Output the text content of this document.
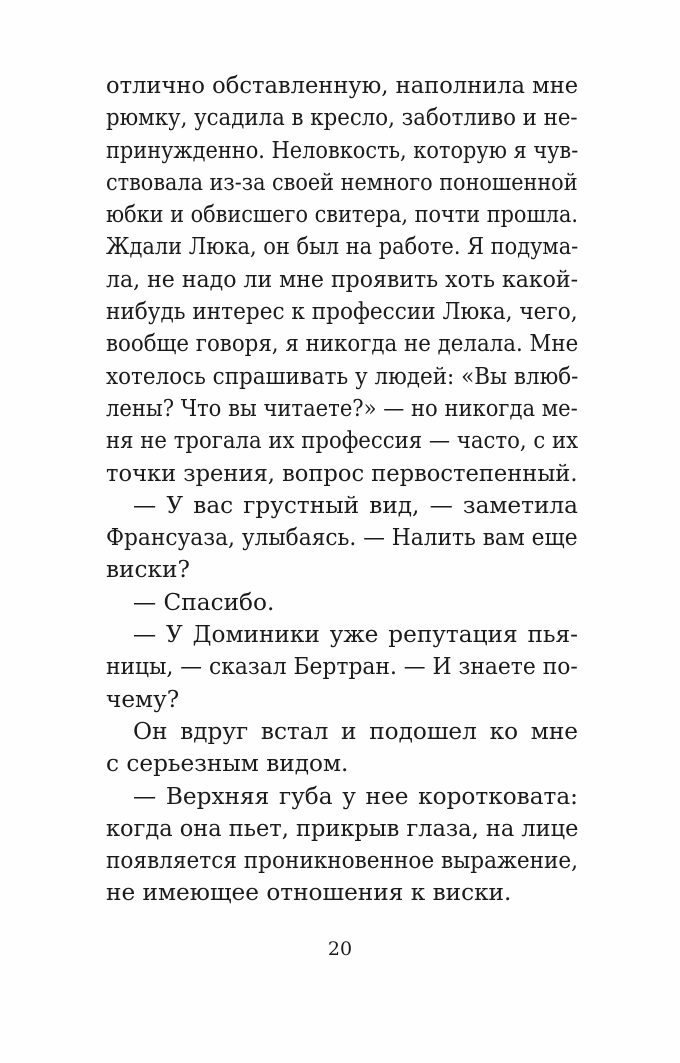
отлично обставленную, наполнила мне
рюмку, усадила в кресло, заботливо и не-
принужденно. Неловкость, которую я чув-
ствовала из-за своей немного поношенной
юбки и обвисшего свитера, почти прошла.
Ждали Люка, он был на работе. Я подума-
ла, не надо ли мне проявить хоть какой-
нибудь интерес к профессии Люка, чего,
вообще говоря, я никогда не делала. Мне
хотелось спрашивать у людей: «Вы влюб-
лены? Что вы читаете?» — но никогда ме-
ня не трогала их профессия — часто, с их
точки зрения, вопрос первостепенный.
— У вас грустный вид, — заметила
Франсуаза, улыбаясь. — Налить вам еще
виски?
— Спасибо.
— У Доминики уже репутация пья-
ницы, — сказал Бертран. — И знаете по-
чему?
Он вдруг встал и подошел ко мне
с серьезным видом.
— Верхняя губа у нее коротковата:
когда она пьет, прикрыв глаза, на лице
появляется проникновенное выражение,
не имеющее отношения к виски.
20
